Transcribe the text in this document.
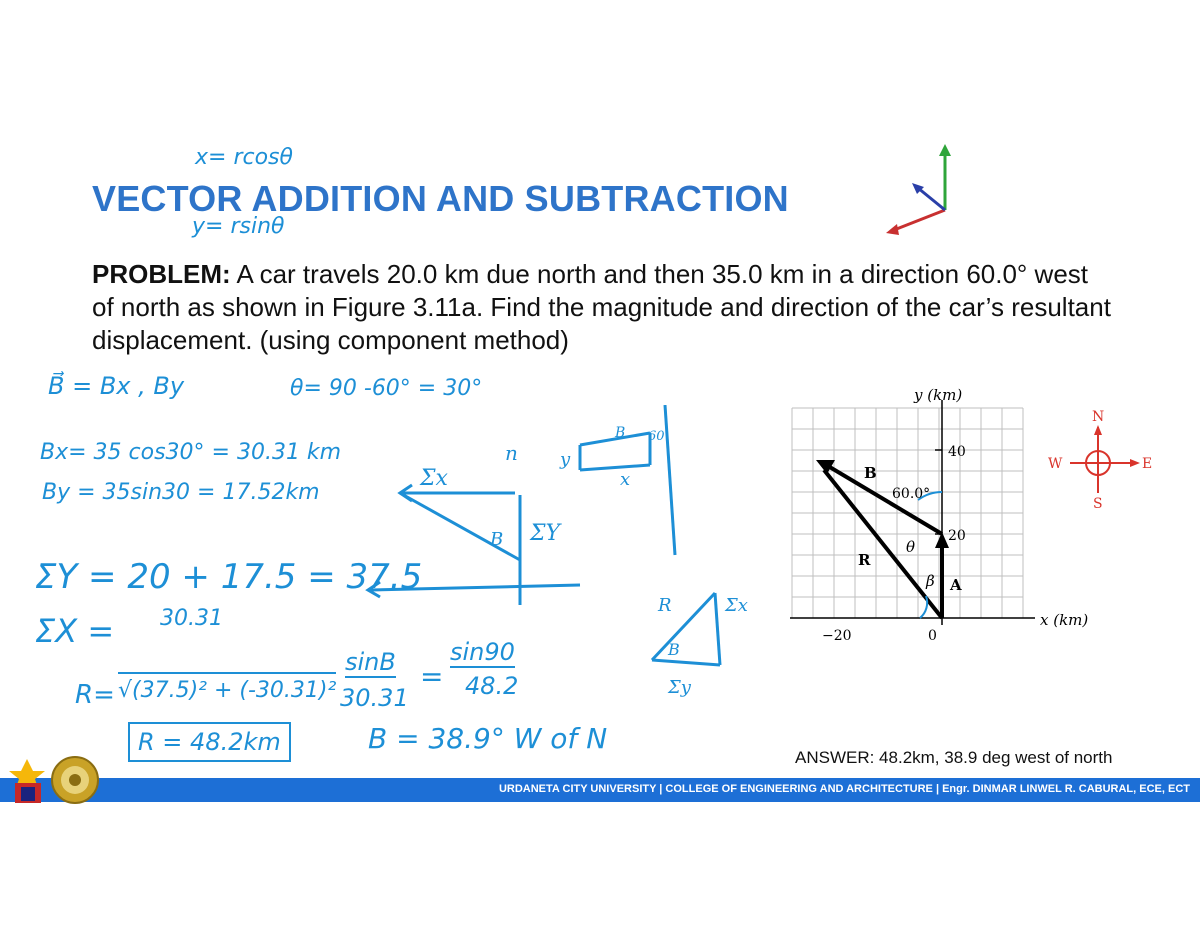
VECTOR ADDITION AND SUBTRACTION
PROBLEM: A car travels 20.0 km due north and then 35.0 km in a direction 60.0° west of north as shown in Figure 3.11a. Find the magnitude and direction of the car’s resultant displacement. (using component method)
x= rcosθ
y= rsinθ
B⃗ = Bx , By	θ= 90 -60° = 30°
Bx= 35 cos30° = 30.31 km
By = 35sin30 = 17.52km
ΣY = 20 + 17.5 = 37.5
ΣX = 30.31
R= √(37.5)² + (-30.31)²
R = 48.2km
sinB
30.31
=
sin90
48.2
B = 38.9° W of N
Σx
n
ΣY
B
y
x
B 60
R
B
Σx
Σy
y (km)
x (km)
40
20
−20	0
B
R
A
60.0°
θ
β
N
S
W	E
ANSWER: 48.2km, 38.9 deg west of north
URDANETA CITY UNIVERSITY | COLLEGE OF ENGINEERING AND ARCHITECTURE | Engr. DINMAR LINWEL R. CABURAL, ECE, ECT
